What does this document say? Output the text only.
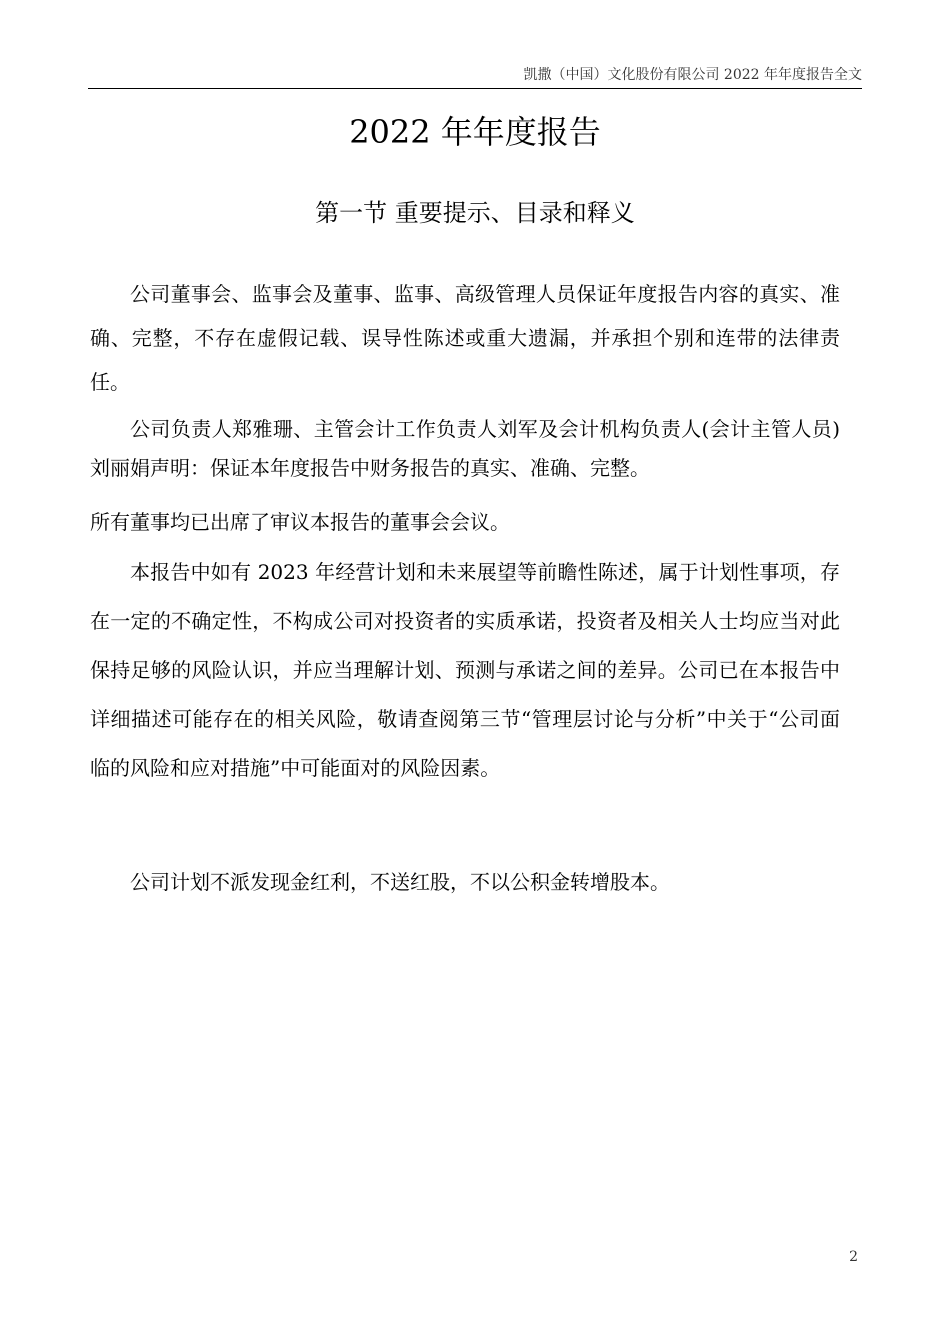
凯撒（中国）文化股份有限公司 2022 年年度报告全文
2022 年年度报告
第一节 重要提示、目录和释义

公司董事会、监事会及董事、监事、高级管理人员保证年度报告内容的真实、准确、完整，不存在虚假记载、误导性陈述或重大遗漏，并承担个别和连带的法律责任。

公司负责人郑雅珊、主管会计工作负责人刘军及会计机构负责人(会计主管人员)刘丽娟声明：保证本年度报告中财务报告的真实、准确、完整。

所有董事均已出席了审议本报告的董事会会议。

本报告中如有 2023 年经营计划和未来展望等前瞻性陈述，属于计划性事项，存在一定的不确定性，不构成公司对投资者的实质承诺，投资者及相关人士均应当对此保持足够的风险认识，并应当理解计划、预测与承诺之间的差异。公司已在本报告中详细描述可能存在的相关风险，敬请查阅第三节“管理层讨论与分析”中关于“公司面临的风险和应对措施”中可能面对的风险因素。

公司计划不派发现金红利，不送红股，不以公积金转增股本。

2
